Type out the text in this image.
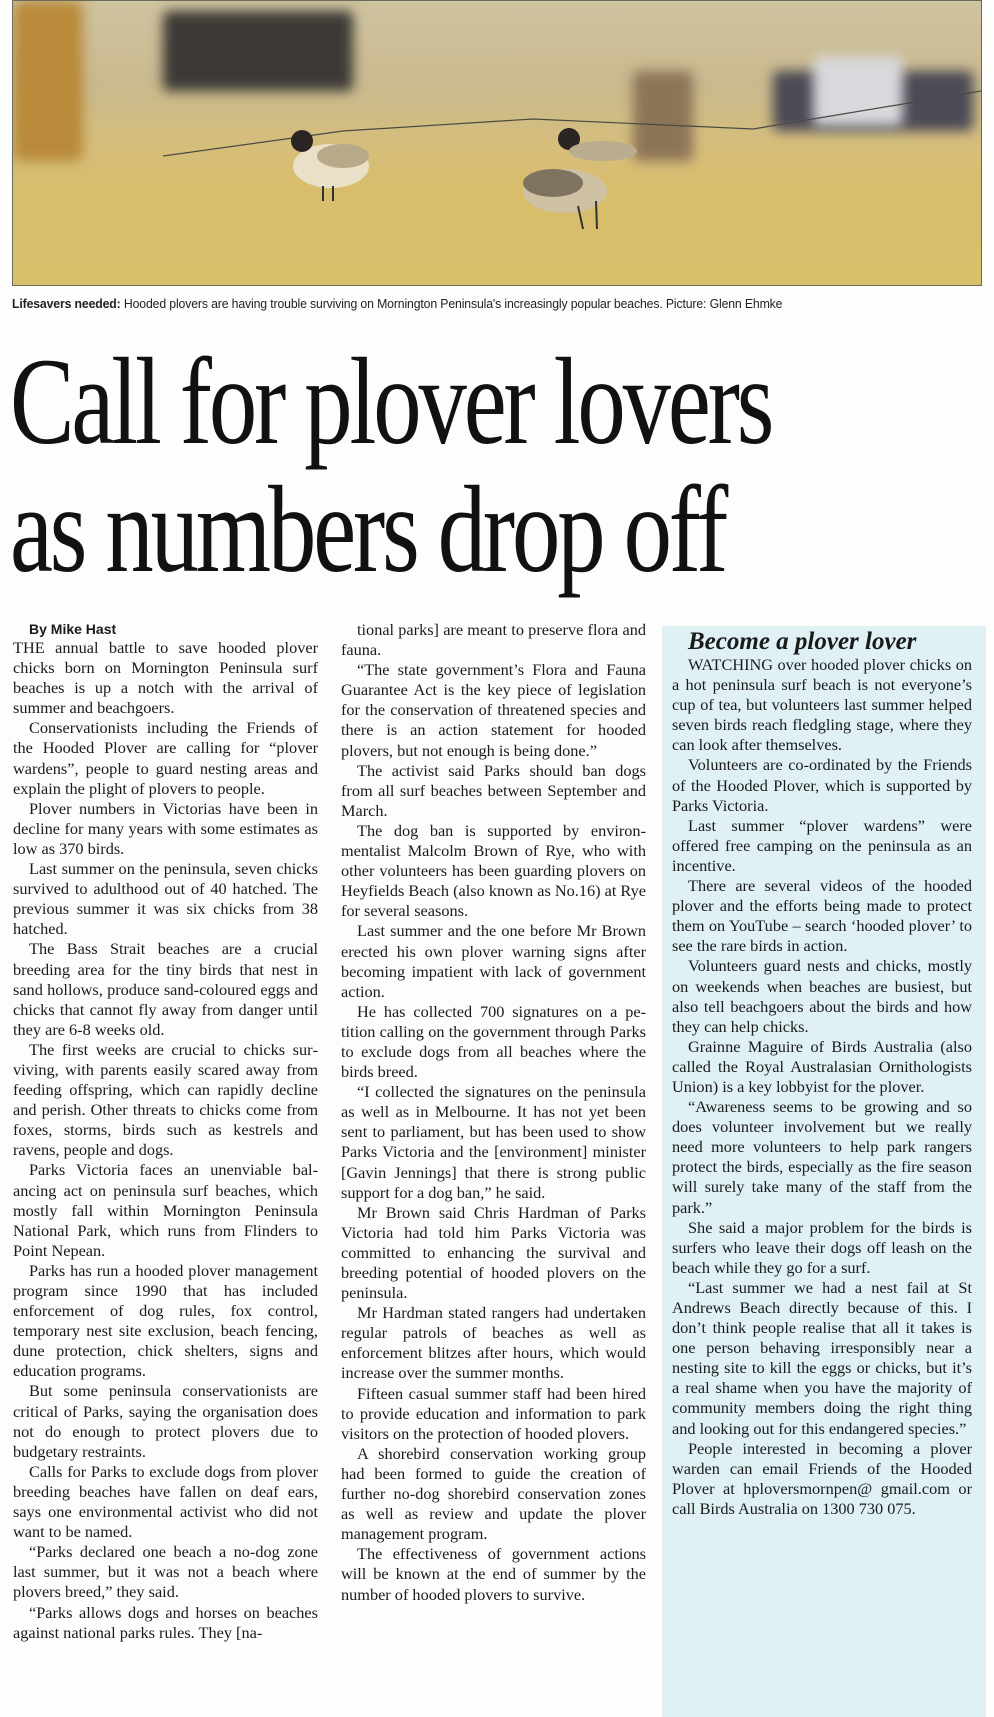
Lifesavers needed: Hooded plovers are having trouble surviving on Mornington Peninsula's increasingly popular beaches. Picture: Glenn Ehmke
Call for plover lovers
as numbers drop off

By Mike Hast

THE annual battle to save hooded plover chicks born on Mornington Peninsula surf beaches is up a notch with the arrival of summer and beachgoers.

Conservationists including the Friends of the Hooded Plover are calling for “plover wardens”, people to guard nesting areas and explain the plight of plovers to people.

Plover numbers in Victorias have been in decline for many years with some estimates as low as 370 birds.

Last summer on the peninsula, seven chicks survived to adulthood out of 40 hatched. The previous summer it was six chicks from 38 hatched.

The Bass Strait beaches are a crucial breeding area for the tiny birds that nest in sand hollows, produce sand-coloured eggs and chicks that cannot fly away from danger until they are 6-8 weeks old.

The first weeks are crucial to chicks surviving, with parents easily scared away from feeding offspring, which can rapidly decline and perish. Other threats to chicks come from foxes, storms, birds such as kestrels and ravens, people and dogs.

Parks Victoria faces an unenviable balancing act on peninsula surf beaches, which mostly fall within Mornington Peninsula National Park, which runs from Flinders to Point Nepean.

Parks has run a hooded plover management program since 1990 that has included enforcement of dog rules, fox control, temporary nest site exclusion, beach fencing, dune protection, chick shelters, signs and education programs.

But some peninsula conservationists are critical of Parks, saying the organisation does not do enough to protect plovers due to budgetary restraints.

Calls for Parks to exclude dogs from plover breeding beaches have fallen on deaf ears, says one environmental activist who did not want to be named.

“Parks declared one beach a no-dog zone last summer, but it was not a beach where plovers breed,” they said.

“Parks allows dogs and horses on beaches against national parks rules. They [na-

tional parks] are meant to preserve flora and fauna.

“The state government’s Flora and Fauna Guarantee Act is the key piece of legislation for the conservation of threatened species and there is an action statement for hooded plovers, but not enough is being done.”

The activist said Parks should ban dogs from all surf beaches between September and March.

The dog ban is supported by environmentalist Malcolm Brown of Rye, who with other volunteers has been guarding plovers on Heyfields Beach (also known as No.16) at Rye for several seasons.

Last summer and the one before Mr Brown erected his own plover warning signs after becoming impatient with lack of government action.

He has collected 700 signatures on a petition calling on the government through Parks to exclude dogs from all beaches where the birds breed.

“I collected the signatures on the peninsula as well as in Melbourne. It has not yet been sent to parliament, but has been used to show Parks Victoria and the [environment] minister [Gavin Jennings] that there is strong public support for a dog ban,” he said.

Mr Brown said Chris Hardman of Parks Victoria had told him Parks Victoria was committed to enhancing the survival and breeding potential of hooded plovers on the peninsula.

Mr Hardman stated rangers had undertaken regular patrols of beaches as well as enforcement blitzes after hours, which would increase over the summer months.

Fifteen casual summer staff had been hired to provide education and information to park visitors on the protection of hooded plovers.

A shorebird conservation working group had been formed to guide the creation of further no-dog shorebird conservation zones as well as review and update the plover management program.

The effectiveness of government actions will be known at the end of summer by the number of hooded plovers to survive.

Become a plover lover

WATCHING over hooded plover chicks on a hot peninsula surf beach is not everyone’s cup of tea, but volunteers last summer helped seven birds reach fledgling stage, where they can look after themselves.

Volunteers are co-ordinated by the Friends of the Hooded Plover, which is supported by Parks Victoria.

Last summer “plover wardens” were offered free camping on the peninsula as an incentive.

There are several videos of the hooded plover and the efforts being made to protect them on YouTube – search ‘hooded plover’ to see the rare birds in action.

Volunteers guard nests and chicks, mostly on weekends when beaches are busiest, but also tell beachgoers about the birds and how they can help chicks.

Grainne Maguire of Birds Australia (also called the Royal Australasian Ornithologists Union) is a key lobbyist for the plover.

“Awareness seems to be growing and so does volunteer involvement but we really need more volunteers to help park rangers protect the birds, especially as the fire season will surely take many of the staff from the park.”

She said a major problem for the birds is surfers who leave their dogs off leash on the beach while they go for a surf.

“Last summer we had a nest fail at St Andrews Beach directly because of this. I don’t think people realise that all it takes is one person behaving irresponsibly near a nesting site to kill the eggs or chicks, but it’s a real shame when you have the majority of community members doing the right thing and looking out for this endangered species.”

People interested in becoming a plover warden can email Friends of the Hooded Plover at hploversmornpen@ gmail.com or call Birds Australia on 1300 730 075.
